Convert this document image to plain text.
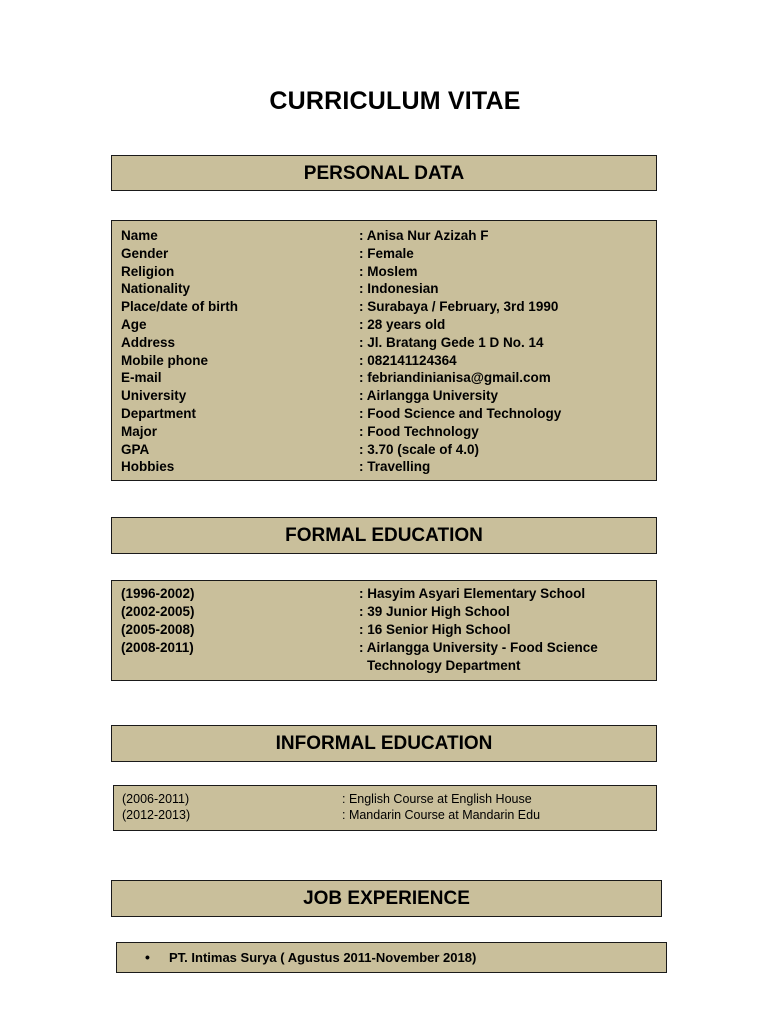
CURRICULUM VITAE
PERSONAL DATA
Name	: Anisa Nur Azizah F
Gender	: Female
Religion	: Moslem
Nationality	: Indonesian
Place/date of birth	: Surabaya / February, 3rd 1990
Age	: 28 years old
Address	: Jl. Bratang Gede 1 D No. 14
Mobile phone	: 082141124364
E-mail	: febriandinianisa@gmail.com
University	: Airlangga University
Department	: Food Science and Technology
Major	: Food Technology
GPA	: 3.70 (scale of 4.0)
Hobbies	: Travelling
FORMAL EDUCATION
(1996-2002)	: Hasyim Asyari Elementary School
(2002-2005)	: 39 Junior High School
(2005-2008)	: 16 Senior High School
(2008-2011)	: Airlangga University - Food Science
Technology Department
INFORMAL EDUCATION
(2006-2011)	: English Course at English House
(2012-2013)	: Mandarin Course at Mandarin Edu
JOB EXPERIENCE
•	PT. Intimas Surya ( Agustus 2011-November 2018)
